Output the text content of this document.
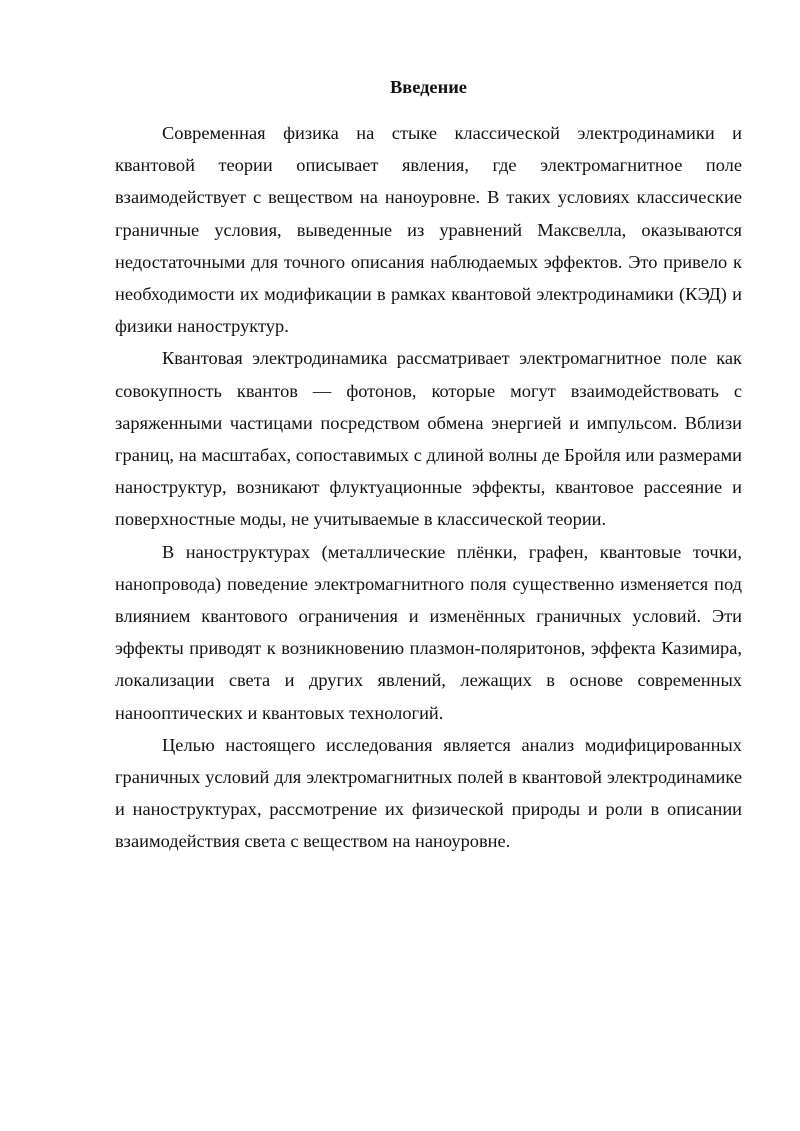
Введение

Современная физика на стыке классической электродинамики и квантовой теории описывает явления, где электромагнитное поле взаимодействует с веществом на наноуровне. В таких условиях классические граничные условия, выведенные из уравнений Максвелла, оказываются недостаточными для точного описания наблюдаемых эффектов. Это привело к необходимости их модификации в рамках квантовой электродинамики (КЭД) и физики наноструктур.

Квантовая электродинамика рассматривает электромагнитное поле как совокупность квантов — фотонов, которые могут взаимодействовать с заряженными частицами посредством обмена энергией и импульсом. Вблизи границ, на масштабах, сопоставимых с длиной волны де Бройля или размерами наноструктур, возникают флуктуационные эффекты, квантовое рассеяние и поверхностные моды, не учитываемые в классической теории.

В наноструктурах (металлические плёнки, графен, квантовые точки, нанопровода) поведение электромагнитного поля существенно изменяется под влиянием квантового ограничения и изменённых граничных условий. Эти эффекты приводят к возникновению плазмон-поляритонов, эффекта Казимира, локализации света и других явлений, лежащих в основе современных нанооптических и квантовых технологий.

Целью настоящего исследования является анализ модифицированных граничных условий для электромагнитных полей в квантовой электродинамике и наноструктурах, рассмотрение их физической природы и роли в описании взаимодействия света с веществом на наноуровне.
